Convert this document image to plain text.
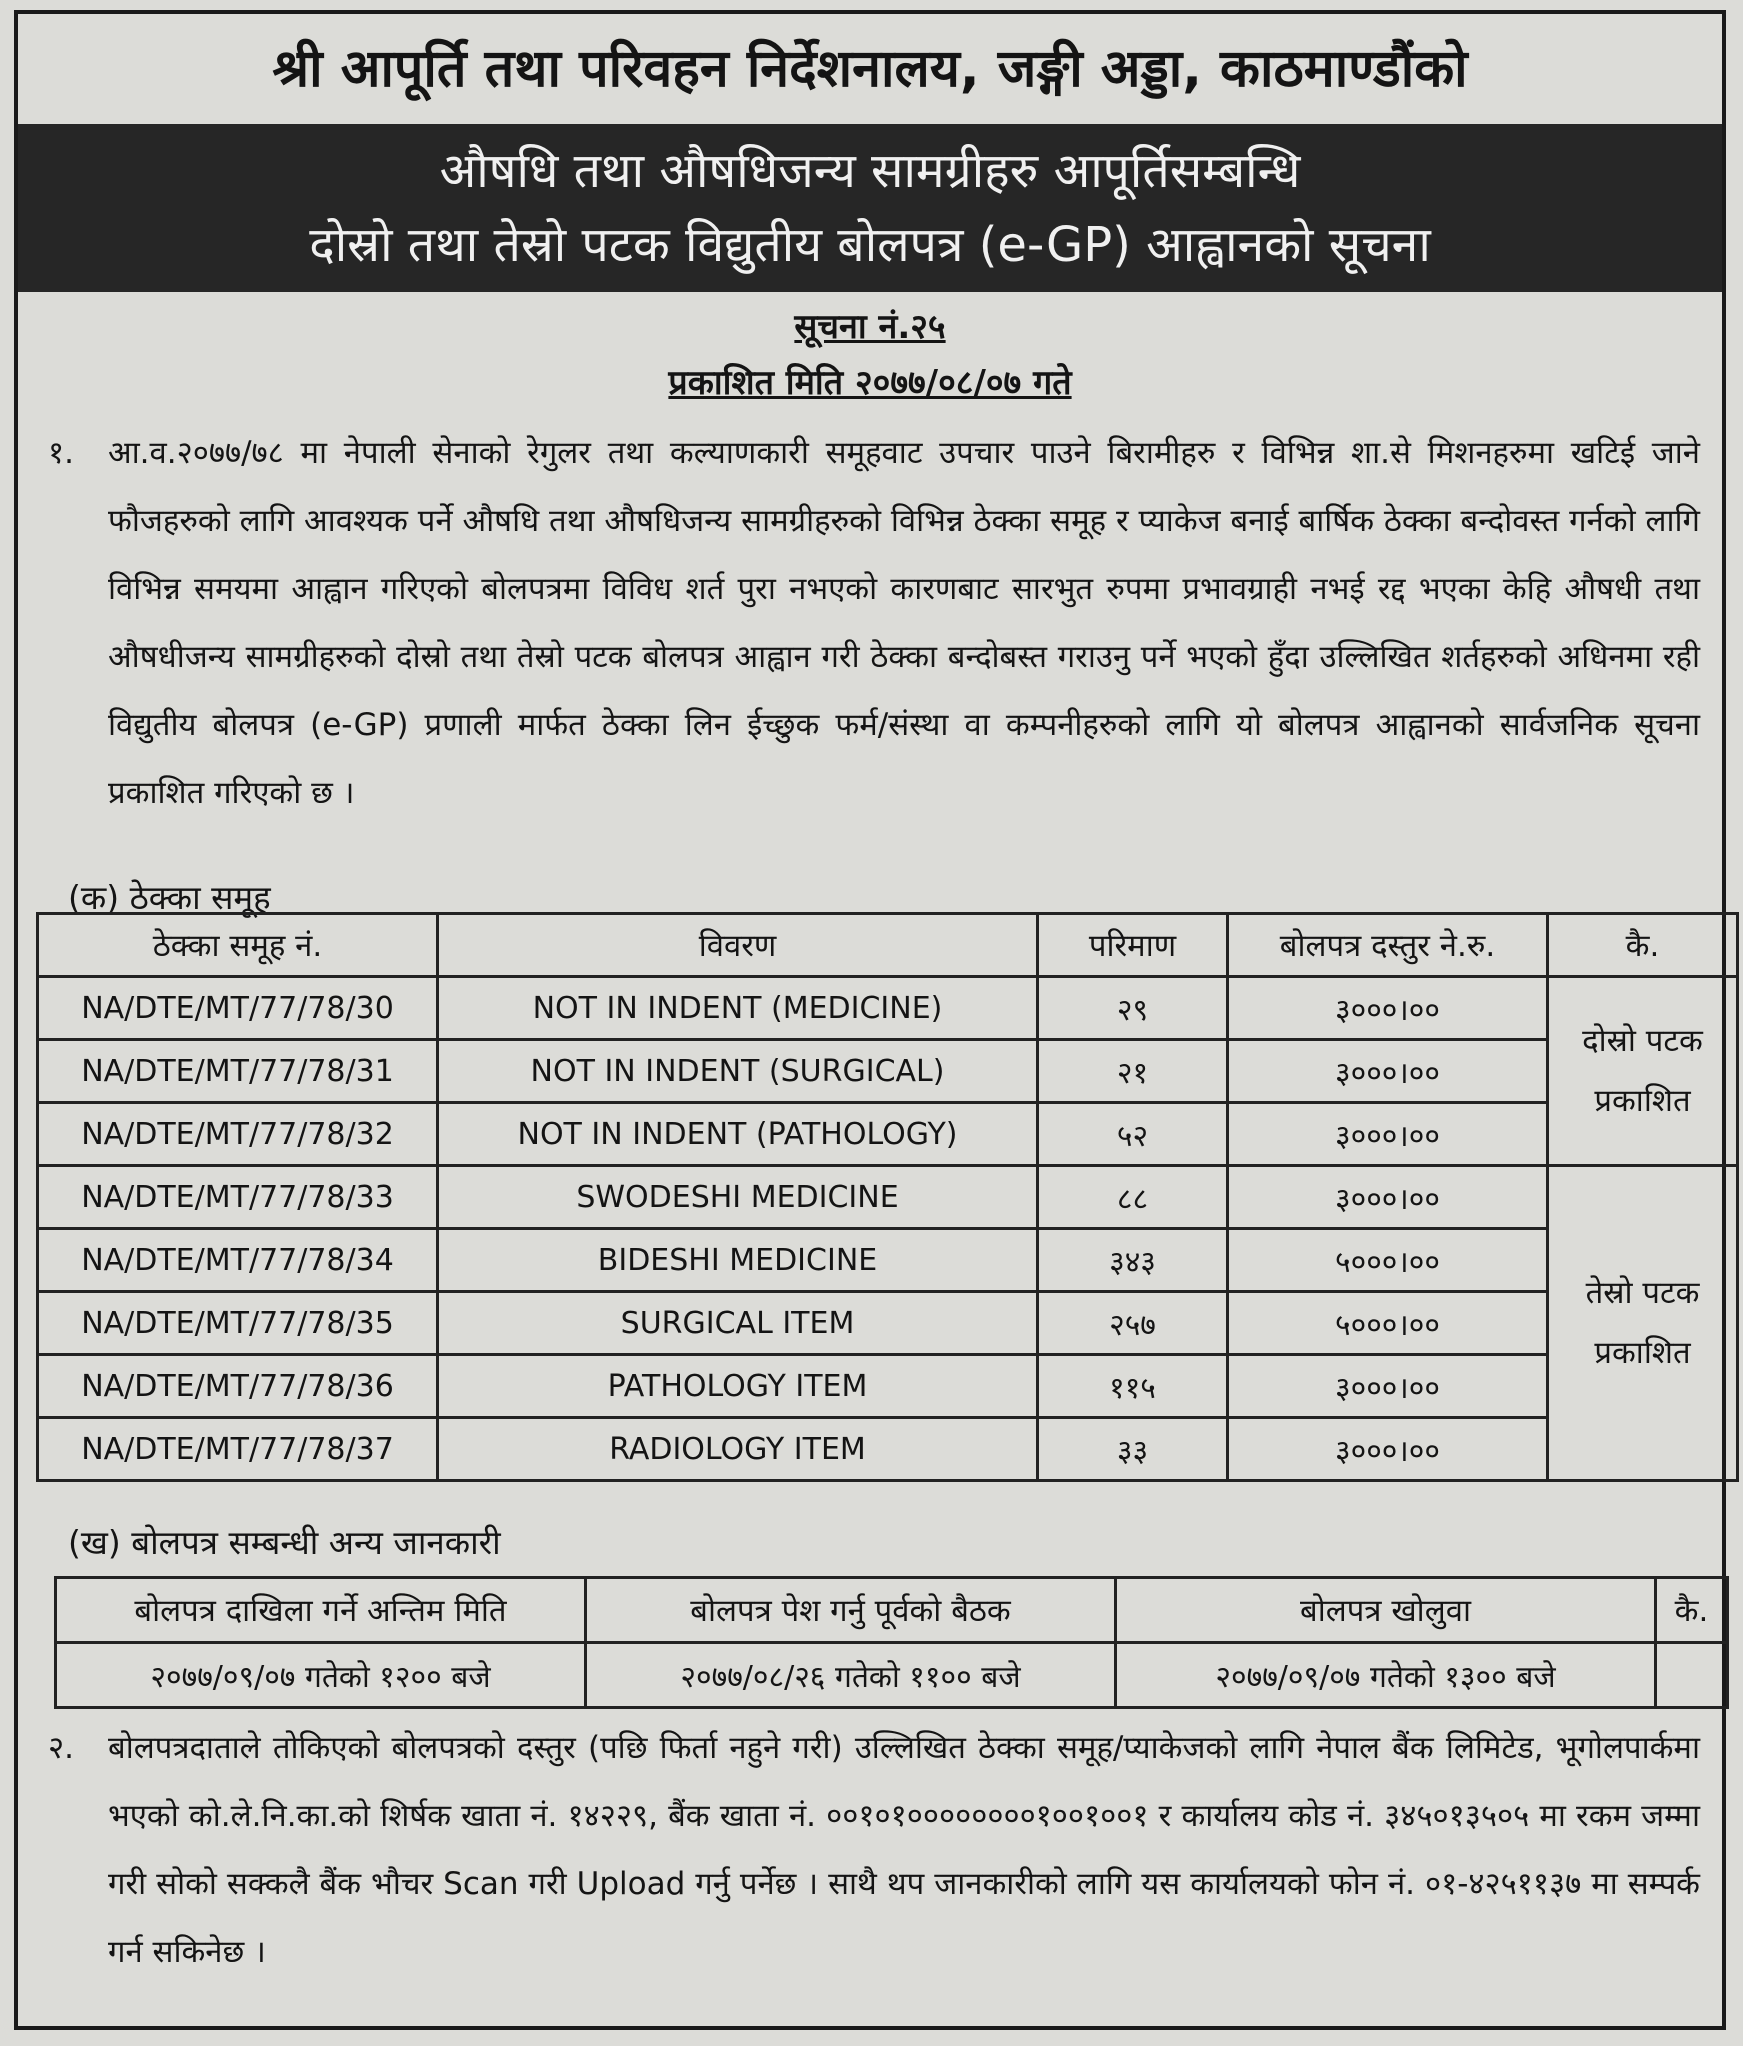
श्री आपूर्ति तथा परिवहन निर्देशनालय, जङ्गी अड्डा, काठमाण्डौंको
औषधि तथा औषधिजन्य सामग्रीहरु आपूर्तिसम्बन्धि
दोस्रो तथा तेस्रो पटक विद्युतीय बोलपत्र (e-GP) आह्वानको सूचना
सूचना नं.२५
प्रकाशित मिति २०७७/०८/०७ गते
१. आ.व.२०७७/७८ मा नेपाली सेनाको रेगुलर तथा कल्याणकारी समूहवाट उपचार पाउने बिरामीहरु र विभिन्न शा.से मिशनहरुमा खटिई जाने फौजहरुको लागि आवश्यक पर्ने औषधि तथा औषधिजन्य सामग्रीहरुको विभिन्न ठेक्का समूह र प्याकेज बनाई बार्षिक ठेक्का बन्दोवस्त गर्नको लागि विभिन्न समयमा आह्वान गरिएको बोलपत्रमा विविध शर्त पुरा नभएको कारणबाट सारभुत रुपमा प्रभावग्राही नभई रद्द भएका केहि औषधी तथा औषधीजन्य सामग्रीहरुको दोस्रो तथा तेस्रो पटक बोलपत्र आह्वान गरी ठेक्का बन्दोबस्त गराउनु पर्ने भएको हुँदा उल्लिखित शर्तहरुको अधिनमा रही विद्युतीय बोलपत्र (e-GP) प्रणाली मार्फत ठेक्का लिन ईच्छुक फर्म/संस्था वा कम्पनीहरुको लागि यो बोलपत्र आह्वानको सार्वजनिक सूचना प्रकाशित गरिएको छ ।
(क) ठेक्का समूह
ठेक्का समूह नं.	विवरण	परिमाण	बोलपत्र दस्तुर ने.रु.	कै.
NA/DTE/MT/77/78/30	NOT IN INDENT (MEDICINE)	२९	३०००।००	दोस्रो पटक प्रकाशित
NA/DTE/MT/77/78/31	NOT IN INDENT (SURGICAL)	२१	३०००।००	
NA/DTE/MT/77/78/32	NOT IN INDENT (PATHOLOGY)	५२	३०००।००	
NA/DTE/MT/77/78/33	SWODESHI MEDICINE	८८	३०००।००	तेस्रो पटक प्रकाशित
NA/DTE/MT/77/78/34	BIDESHI MEDICINE	३४३	५०००।००	
NA/DTE/MT/77/78/35	SURGICAL ITEM	२५७	५०००।००	
NA/DTE/MT/77/78/36	PATHOLOGY ITEM	११५	३०००।००	
NA/DTE/MT/77/78/37	RADIOLOGY ITEM	३३	३०००।००	
(ख) बोलपत्र सम्बन्धी अन्य जानकारी
बोलपत्र दाखिला गर्ने अन्तिम मिति	बोलपत्र पेश गर्नु पूर्वको बैठक	बोलपत्र खोलुवा	कै.
२०७७/०९/०७ गतेको १२०० बजे	२०७७/०८/२६ गतेको ११०० बजे	२०७७/०९/०७ गतेको १३०० बजे	
२. बोलपत्रदाताले तोकिएको बोलपत्रको दस्तुर (पछि फिर्ता नहुने गरी) उल्लिखित ठेक्का समूह/प्याकेजको लागि नेपाल बैंक लिमिटेड, भूगोलपार्कमा भएको को.ले.नि.का.को शिर्षक खाता नं. १४२२९, बैंक खाता नं. ००१०१००००००००१००१००१ र कार्यालय कोड नं. ३४५०१३५०५ मा रकम जम्मा गरी सोको सक्कलै बैंक भौचर Scan गरी Upload गर्नु पर्नेछ । साथै थप जानकारीको लागि यस कार्यालयको फोन नं. ०१-४२५११३७ मा सम्पर्क गर्न सकिनेछ ।
